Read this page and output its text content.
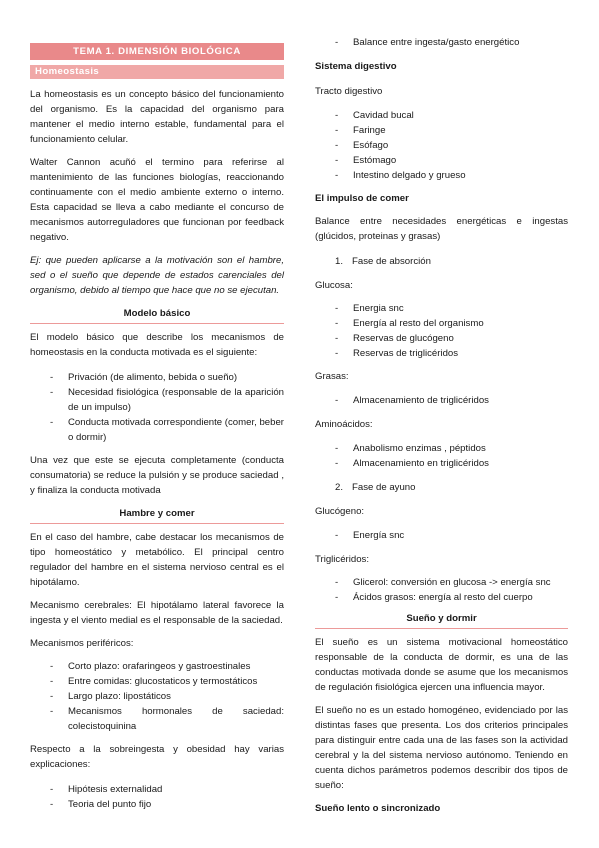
TEMA 1. DIMENSIÓN BIOLÓGICA
Homeostasis

La homeostasis es un concepto básico del funcionamiento del organismo. Es la capacidad del organismo para mantener el medio interno estable, fundamental para el funcionamiento celular.

Walter Cannon acuñó el termino para referirse al mantenimiento de las funciones biologías, reaccionando continuamente con el medio ambiente externo o interno. Esta capacidad se lleva a cabo mediante el concurso de mecanismos autorreguladores que funcionan por feedback negativo.

Ej: que pueden aplicarse a la motivación son el hambre, sed o el sueño que depende de estados carenciales del organismo, debido al tiempo que hace que no se ejecutan.

Modelo básico

El modelo básico que describe los mecanismos de homeostasis en la conducta motivada es el siguiente:

- Privación (de alimento, bebida o sueño)
- Necesidad fisiológica (responsable de la aparición de un impulso)
- Conducta motivada correspondiente (comer, beber o dormir)

Una vez que este se ejecuta completamente (conducta consumatoria) se reduce la pulsión y se produce saciedad , y finaliza la conducta motivada

Hambre y comer

En el caso del hambre, cabe destacar los mecanismos de tipo homeostático y metabólico. El principal centro regulador del hambre en el sistema nervioso central es el hipotálamo.

Mecanismo cerebrales: El hipotálamo lateral favorece la ingesta y el viento medial es el responsable de la saciedad.

Mecanismos periféricos:

- Corto plazo: orafaringeos y gastroestinales
- Entre comidas: glucostaticos y termostáticos
- Largo plazo: lipostáticos
- Mecanismos hormonales de saciedad: colecistoquinina

Respecto a la sobreingesta y obesidad hay varias explicaciones:

- Hipótesis externalidad
- Teoria del punto fijo
- Balance entre ingesta/gasto energético

Sistema digestivo

Tracto digestivo

- Cavidad bucal
- Faringe
- Esófago
- Estómago
- Intestino delgado y grueso

El impulso de comer

Balance entre necesidades energéticas e ingestas (glúcidos, proteinas y grasas)

1. Fase de absorción

Glucosa:

- Energia snc
- Energía al resto del organismo
- Reservas de glucógeno
- Reservas de triglicéridos

Grasas:

- Almacenamiento de triglicéridos

Aminoácidos:

- Anabolismo enzimas , péptidos
- Almacenamiento en triglicéridos
2. Fase de ayuno

Glucógeno:

- Energía snc

Triglicéridos:

- Glicerol: conversión en glucosa -> energía snc
- Ácidos grasos: energía al resto del cuerpo
Sueño y dormir

El sueño es un sistema motivacional homeostático responsable de la conducta de dormir, es una de las conductas motivada donde se asume que los mecanismos de regulación fisiológica ejercen una influencia mayor.

El sueño no es un estado homogéneo, evidenciado por las distintas fases que presenta. Los dos criterios principales para distinguir entre cada una de las fases son la actividad cerebral y la del sistema nervioso autónomo. Teniendo en cuenta dichos parámetros podemos describir dos tipos de sueño:

Sueño lento o sincronizado
